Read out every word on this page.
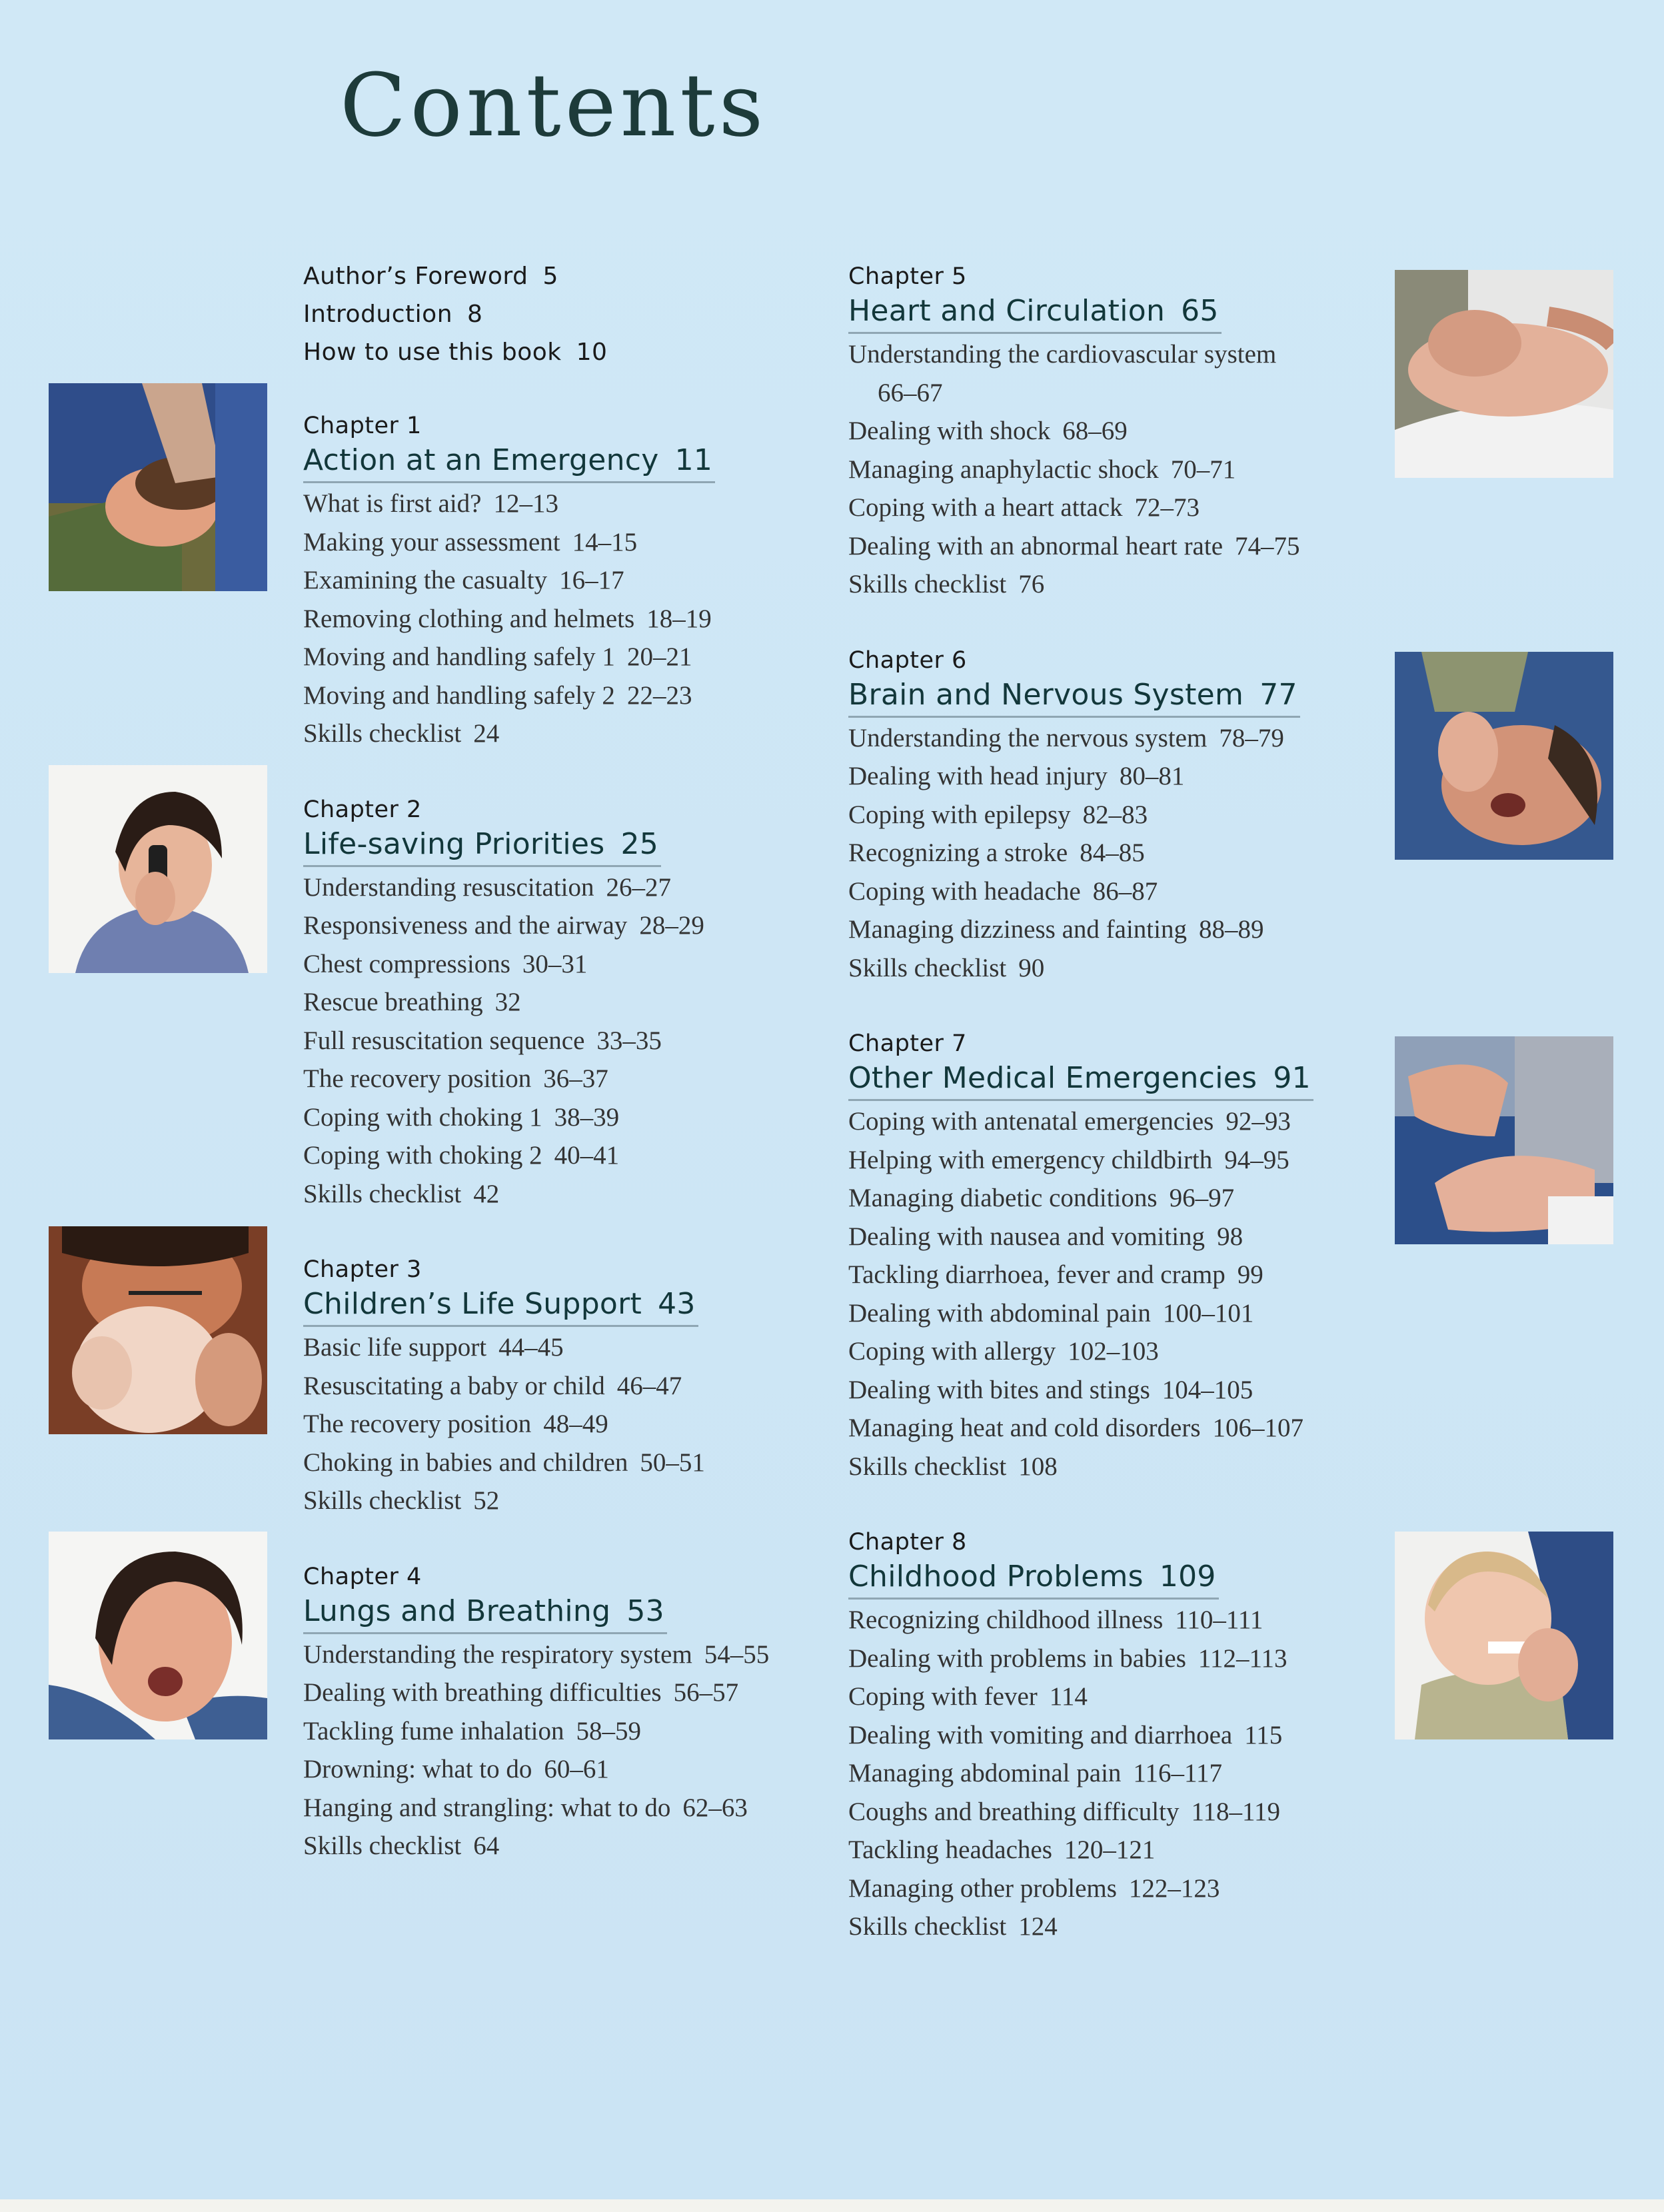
Contents
Author’s Foreword 5
Introduction 8
How to use this book 10
Chapter 1
Action at an Emergency 11
What is first aid? 12–13
Making your assessment 14–15
Examining the casualty 16–17
Removing clothing and helmets 18–19
Moving and handling safely 1 20–21
Moving and handling safely 2 22–23
Skills checklist 24
Chapter 2
Life-saving Priorities 25
Understanding resuscitation 26–27
Responsiveness and the airway 28–29
Chest compressions 30–31
Rescue breathing 32
Full resuscitation sequence 33–35
The recovery position 36–37
Coping with choking 1 38–39
Coping with choking 2 40–41
Skills checklist 42
Chapter 3
Children’s Life Support 43
Basic life support 44–45
Resuscitating a baby or child 46–47
The recovery position 48–49
Choking in babies and children 50–51
Skills checklist 52
Chapter 4
Lungs and Breathing 53
Understanding the respiratory system 54–55
Dealing with breathing difficulties 56–57
Tackling fume inhalation 58–59
Drowning: what to do 60–61
Hanging and strangling: what to do 62–63
Skills checklist 64
Chapter 5
Heart and Circulation 65
Understanding the cardiovascular system
66–67
Dealing with shock 68–69
Managing anaphylactic shock 70–71
Coping with a heart attack 72–73
Dealing with an abnormal heart rate 74–75
Skills checklist 76
Chapter 6
Brain and Nervous System 77
Understanding the nervous system 78–79
Dealing with head injury 80–81
Coping with epilepsy 82–83
Recognizing a stroke 84–85
Coping with headache 86–87
Managing dizziness and fainting 88–89
Skills checklist 90
Chapter 7
Other Medical Emergencies 91
Coping with antenatal emergencies 92–93
Helping with emergency childbirth 94–95
Managing diabetic conditions 96–97
Dealing with nausea and vomiting 98
Tackling diarrhoea, fever and cramp 99
Dealing with abdominal pain 100–101
Coping with allergy 102–103
Dealing with bites and stings 104–105
Managing heat and cold disorders 106–107
Skills checklist 108
Chapter 8
Childhood Problems 109
Recognizing childhood illness 110–111
Dealing with problems in babies 112–113
Coping with fever 114
Dealing with vomiting and diarrhoea 115
Managing abdominal pain 116–117
Coughs and breathing difficulty 118–119
Tackling headaches 120–121
Managing other problems 122–123
Skills checklist 124
